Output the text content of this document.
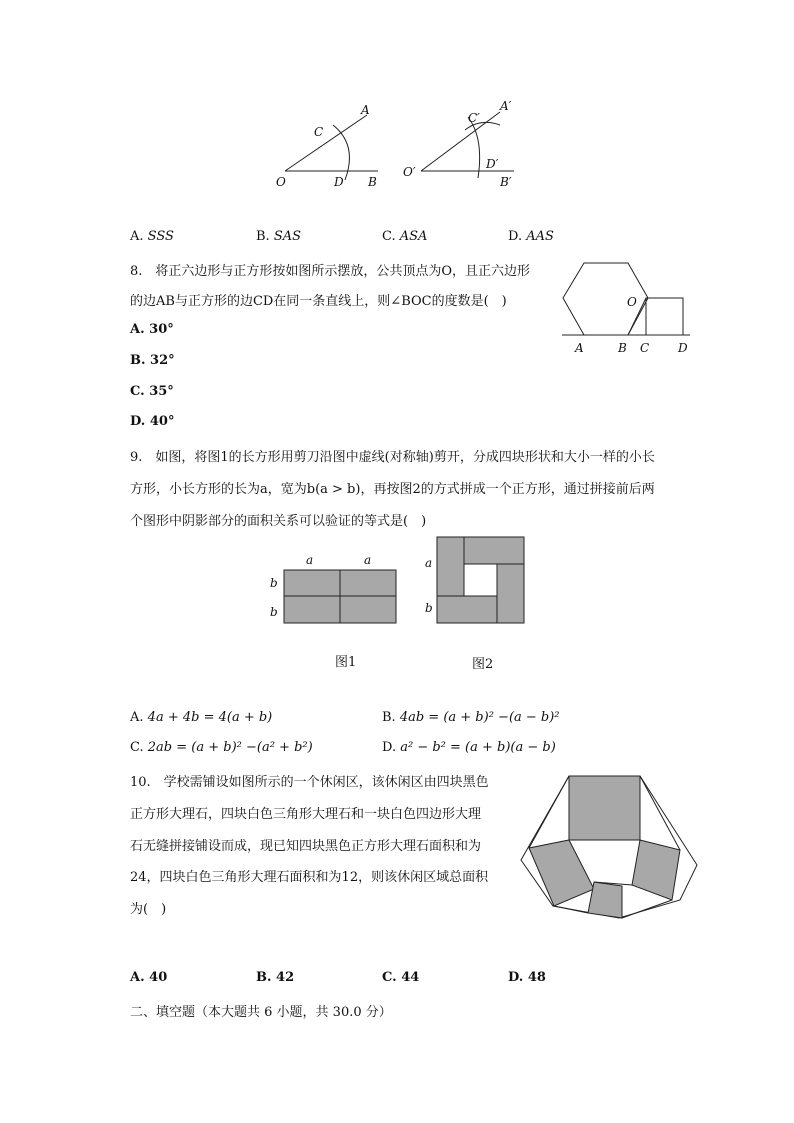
A
C
O	D B
A′
C′
O′
D′
B′
A. SSS	B. SAS	C. ASA	D. AAS
8.　将正六边形与正方形按如图所示摆放，公共顶点为O，且正六边形
的边AB与正方形的边CD在同一条直线上，则∠BOC的度数是(　)
A. 30°
B. 32°
C. 35°
D. 40°
O
A	B C D
9.　如图，将图1的长方形用剪刀沿图中虚线(对称轴)剪开，分成四块形状和大小一样的小长
方形，小长方形的长为a，宽为b(a > b)，再按图2的方式拼成一个正方形，通过拼接前后两
个图形中阴影部分的面积关系可以验证的等式是(　)
a	a
b
b
a
b
图1	图2
A. 4a + 4b = 4(a + b)	B. 4ab = (a + b)² −(a − b)²
C. 2ab = (a + b)² −(a² + b²)	D. a² − b² = (a + b)(a − b)
10.　学校需铺设如图所示的一个休闲区，该休闲区由四块黑色
正方形大理石，四块白色三角形大理石和一块白色四边形大理
石无缝拼接铺设而成，现已知四块黑色正方形大理石面积和为
24，四块白色三角形大理石面积和为12，则该休闲区域总面积
为(　)
A. 40	B. 42	C. 44	D. 48
二、填空题（本大题共 6 小题，共 30.0 分）
